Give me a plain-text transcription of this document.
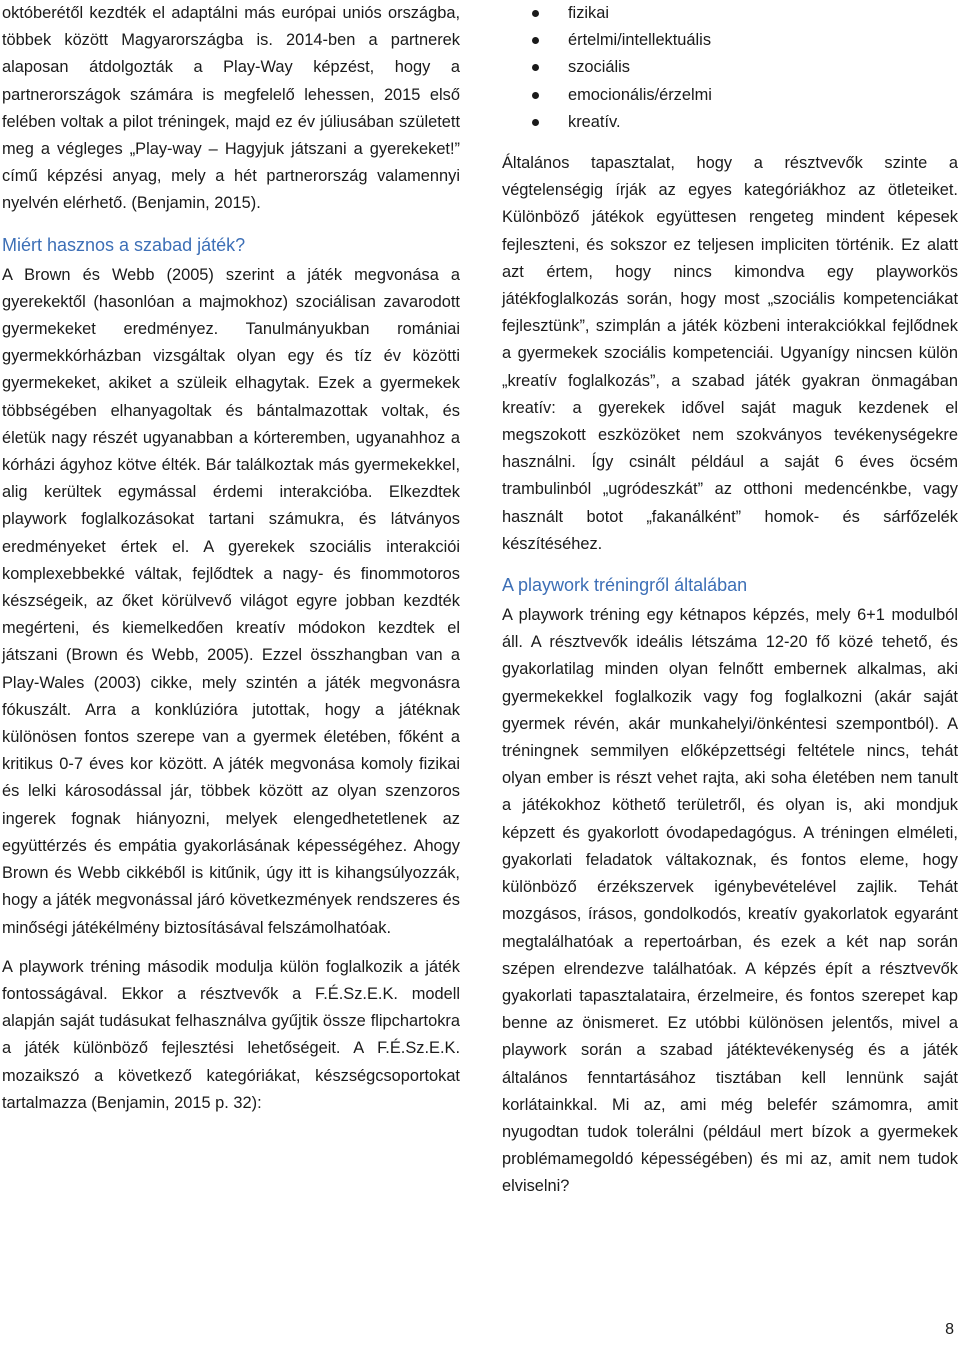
októberétől kezdték el adaptálni más európai uniós országba, többek között Magyarországba is. 2014-ben a partnerek alaposan átdolgozták a Play-Way képzést, hogy a partnerországok számára is megfelelő lehessen, 2015 első felében voltak a pilot tréningek, majd ez év júliusában született meg a végleges „Play-way – Hagyjuk játszani a gyerekeket!” című képzési anyag, mely a hét partnerország valamennyi nyelvén elérhető. (Benjamin, 2015).

Miért hasznos a szabad játék?

A Brown és Webb (2005) szerint a játék megvonása a gyerekektől (hasonlóan a majmokhoz) szociálisan zavarodott gyermekeket eredményez. Tanulmányukban romániai gyermekkórházban vizsgáltak olyan egy és tíz év közötti gyermekeket, akiket a szüleik elhagytak. Ezek a gyermekek többségében elhanyagoltak és bántalmazottak voltak, és életük nagy részét ugyanabban a kórteremben, ugyanahhoz a kórházi ágyhoz kötve élték. Bár találkoztak más gyermekekkel, alig kerültek egymással érdemi interakcióba. Elkezdtek playwork foglalkozásokat tartani számukra, és látványos eredményeket értek el. A gyerekek szociális interakciói komplexebbekké váltak, fejlődtek a nagy- és finommotoros készségeik, az őket körülvevő világot egyre jobban kezdték megérteni, és kiemelkedően kreatív módokon kezdtek el játszani (Brown és Webb, 2005). Ezzel összhangban van a Play-Wales (2003) cikke, mely szintén a játék megvonásra fókuszált. Arra a konklúzióra jutottak, hogy a játéknak különösen fontos szerepe van a gyermek életében, főként a kritikus 0-7 éves kor között. A játék megvonása komoly fizikai és lelki károsodással jár, többek között az olyan szenzoros ingerek fognak hiányozni, melyek elengedhetetlenek az együttérzés és empátia gyakorlásának képességéhez. Ahogy Brown és Webb cikkéből is kitűnik, úgy itt is kihangsúlyozzák, hogy a játék megvonással járó következmények rendszeres és minőségi játékélmény biztosításával felszámolhatóak.

A playwork tréning második modulja külön foglalkozik a játék fontosságával. Ekkor a résztvevők a F.É.Sz.E.K. modell alapján saját tudásukat felhasználva gyűjtik össze flipchartokra a játék különböző fejlesztési lehetőségeit. A F.É.Sz.E.K. mozaikszó a következő kategóriákat, készségcsoportokat tartalmazza (Benjamin, 2015 p. 32):

fizikai
értelmi/intellektuális
szociális
emocionális/érzelmi
kreatív.

Általános tapasztalat, hogy a résztvevők szinte a végtelenségig írják az egyes kategóriákhoz az ötleteiket. Különböző játékok együttesen rengeteg mindent képesek fejleszteni, és sokszor ez teljesen impliciten történik. Ez alatt azt értem, hogy nincs kimondva egy playworkös játékfoglalkozás során, hogy most „szociális kompetenciákat fejlesztünk”, szimplán a játék közbeni interakciókkal fejlődnek a gyermekek szociális kompetenciái. Ugyanígy nincsen külön „kreatív foglalkozás”, a szabad játék gyakran önmagában kreatív: a gyerekek idővel saját maguk kezdenek el megszokott eszközöket nem szokványos tevékenységekre használni. Így csinált például a saját 6 éves öcsém trambulinból „ugródeszkát” az otthoni medencénkbe, vagy használt botot „fakanálként” homok- és sárfőzelék készítéséhez.

A playwork tréningről általában

A playwork tréning egy kétnapos képzés, mely 6+1 modulból áll. A résztvevők ideális létszáma 12-20 fő közé tehető, és gyakorlatilag minden olyan felnőtt embernek alkalmas, aki gyermekekkel foglalkozik vagy fog foglalkozni (akár saját gyermek révén, akár munkahelyi/önkéntesi szempontból). A tréningnek semmilyen előképzettségi feltétele nincs, tehát olyan ember is részt vehet rajta, aki soha életében nem tanult a játékokhoz köthető területről, és olyan is, aki mondjuk képzett és gyakorlott óvodapedagógus. A tréningen elméleti, gyakorlati feladatok váltakoznak, és fontos eleme, hogy különböző érzékszervek igénybevételével zajlik. Tehát mozgásos, írásos, gondolkodós, kreatív gyakorlatok egyaránt megtalálhatóak a repertoárban, és ezek a két nap során szépen elrendezve találhatóak. A képzés épít a résztvevők gyakorlati tapasztalataira, érzelmeire, és fontos szerepet kap benne az önismeret. Ez utóbbi különösen jelentős, mivel a playwork során a szabad játéktevékenység és a játék általános fenntartásához tisztában kell lennünk saját korlátainkkal. Mi az, ami még belefér számomra, amit nyugodtan tudok tolerálni (például mert bízok a gyermekek problémamegoldó képességében) és mi az, amit nem tudok elviselni?

8
